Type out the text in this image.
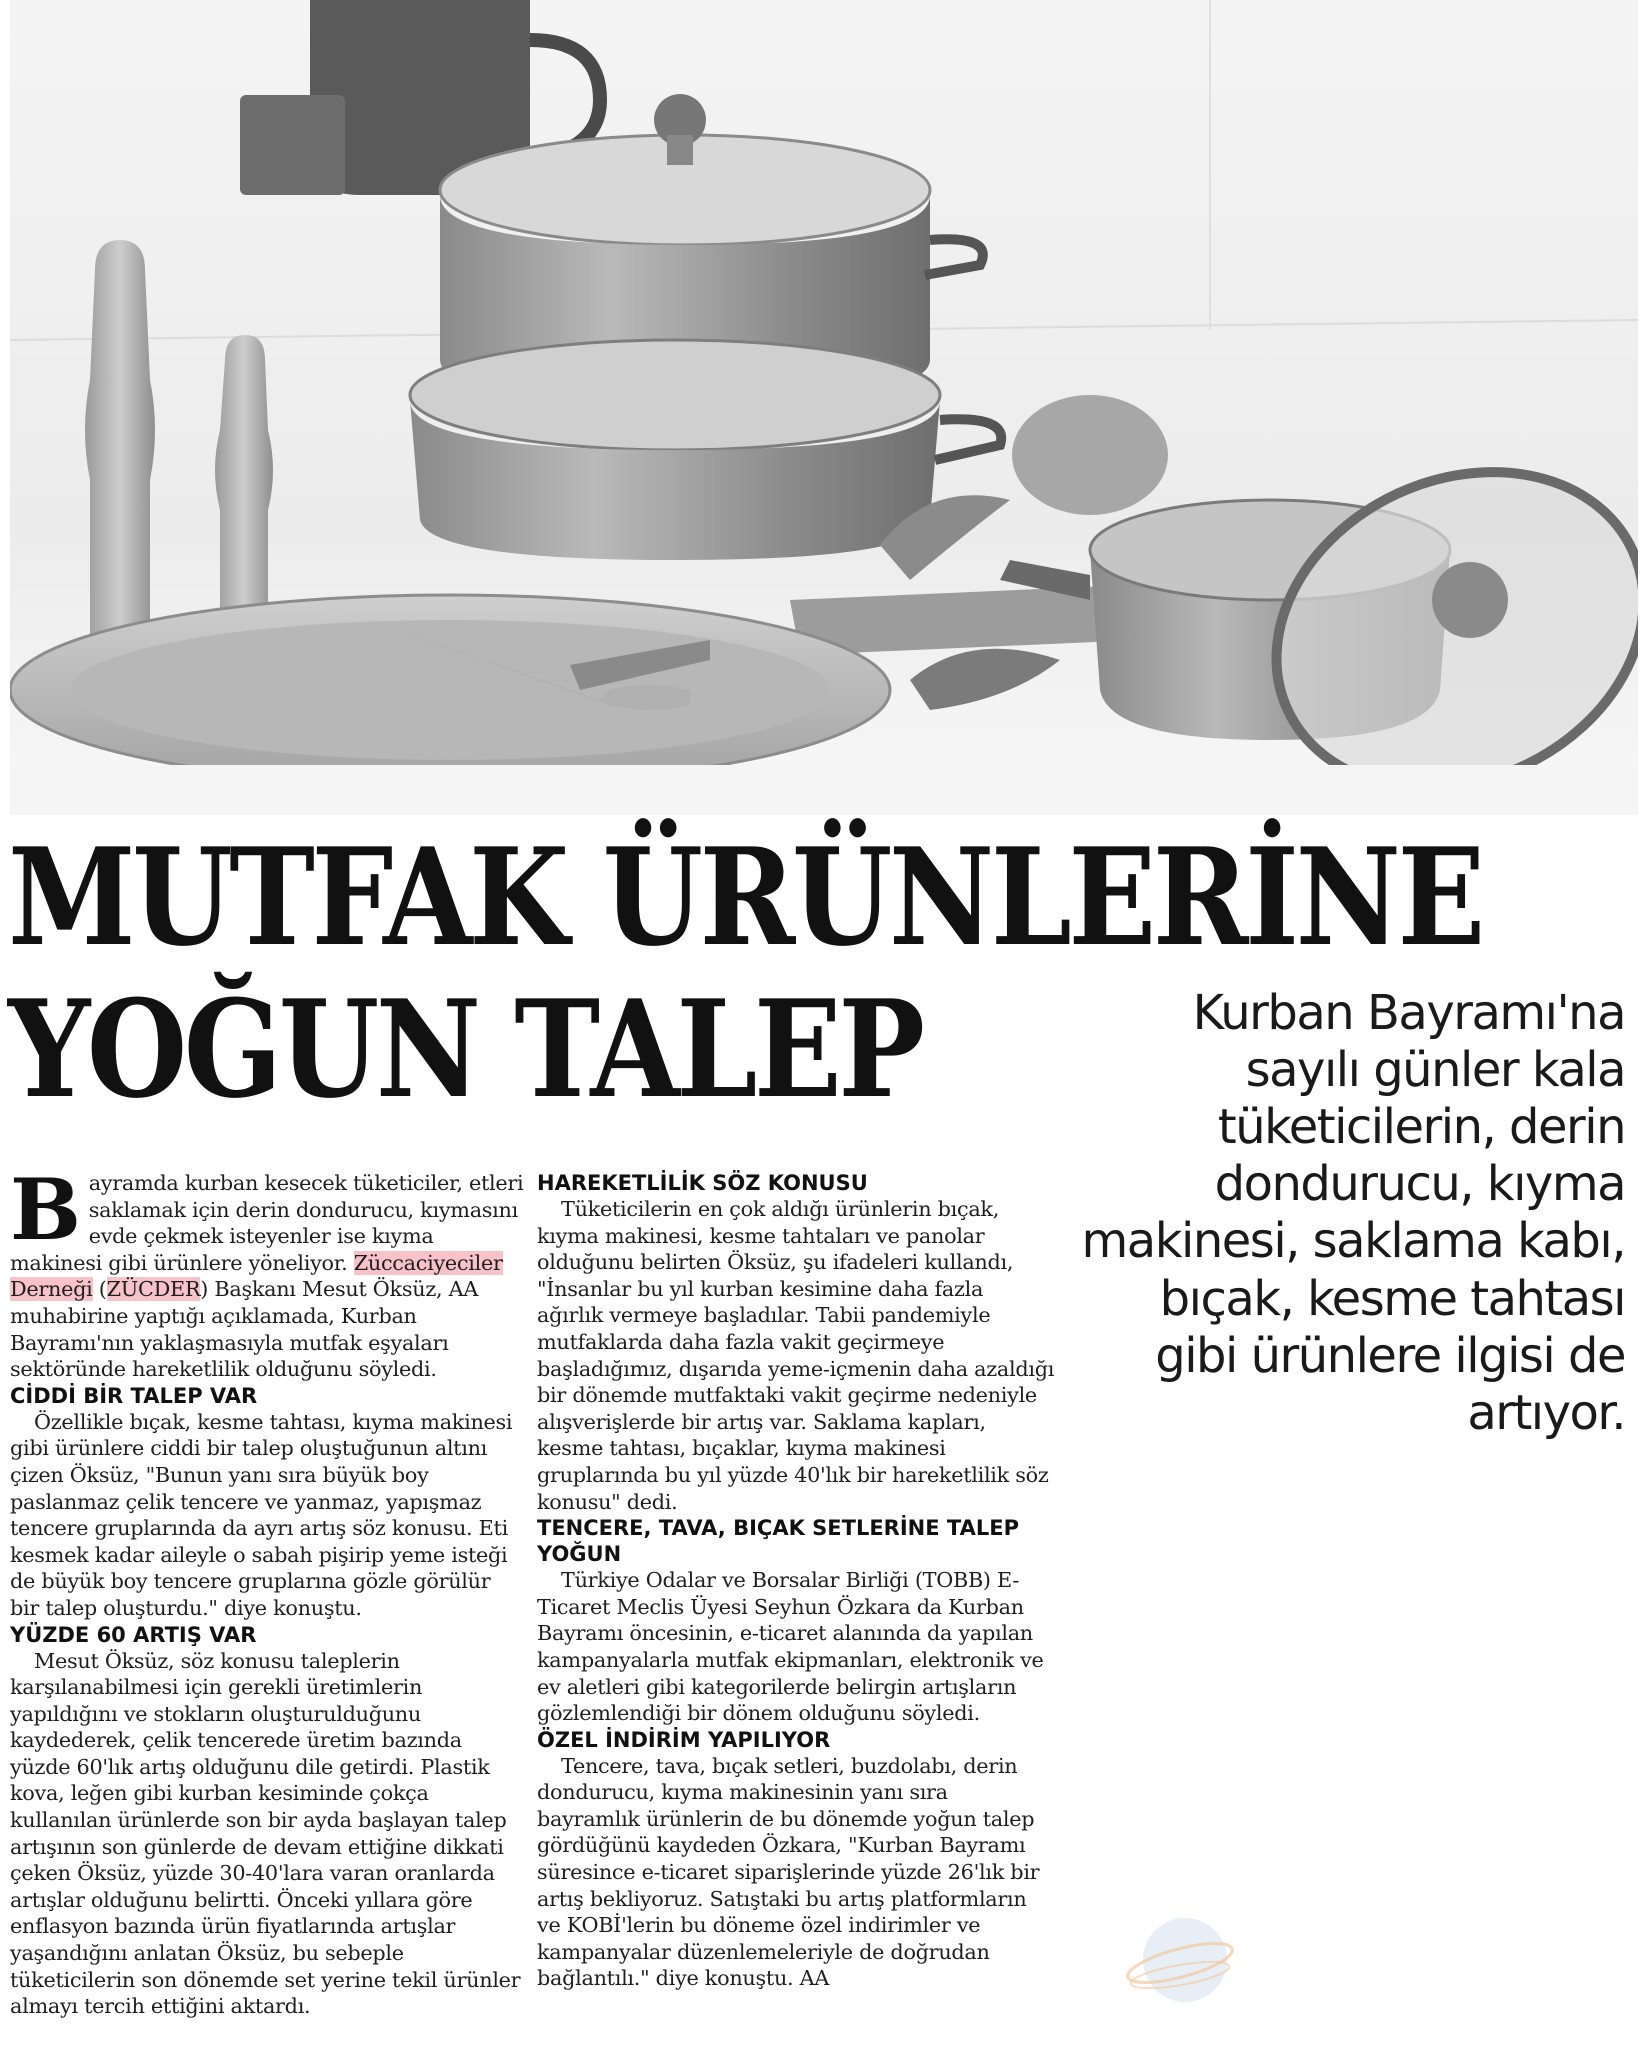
MUTFAK ÜRÜNLERİNE
YOĞUN TALEP	Kurban Bayramı'na sayılı günler kala tüketicilerin, derin dondurucu, kıyma makinesi, saklama kabı, bıçak, kesme tahtası gibi ürünlere ilgisi de artıyor.

Bayramda kurban kesecek tüketiciler, etleri saklamak için derin dondurucu, kıymasını evde çekmek isteyenler ise kıyma makinesi gibi ürünlere yöneliyor. Züccaciyeciler Derneği (ZÜCDER) Başkanı Mesut Öksüz, AA muhabirine yaptığı açıklamada, Kurban Bayramı'nın yaklaşmasıyla mutfak eşyaları sektöründe hareketlilik olduğunu söyledi.

CİDDİ BİR TALEP VAR

Özellikle bıçak, kesme tahtası, kıyma makinesi gibi ürünlere ciddi bir talep oluştuğunun altını çizen Öksüz, "Bunun yanı sıra büyük boy paslanmaz çelik tencere ve yanmaz, yapışmaz tencere gruplarında da ayrı artış söz konusu. Eti kesmek kadar aileyle o sabah pişirip yeme isteği de büyük boy tencere gruplarına gözle görülür bir talep oluşturdu." diye konuştu.

YÜZDE 60 ARTIŞ VAR

Mesut Öksüz, söz konusu taleplerin karşılanabilmesi için gerekli üretimlerin yapıldığını ve stokların oluşturulduğunu kaydederek, çelik tencerede üretim bazında yüzde 60'lık artış olduğunu dile getirdi. Plastik kova, leğen gibi kurban kesiminde çokça kullanılan ürünlerde son bir ayda başlayan talep artışının son günlerde de devam ettiğine dikkati çeken Öksüz, yüzde 30-40'lara varan oranlarda artışlar olduğunu belirtti. Önceki yıllara göre enflasyon bazında ürün fiyatlarında artışlar yaşandığını anlatan Öksüz, bu sebeple tüketicilerin son dönemde set yerine tekil ürünler almayı tercih ettiğini aktardı.

HAREKETLİLİK SÖZ KONUSU

Tüketicilerin en çok aldığı ürünlerin bıçak, kıyma makinesi, kesme tahtaları ve panolar olduğunu belirten Öksüz, şu ifadeleri kullandı, "İnsanlar bu yıl kurban kesimine daha fazla ağırlık vermeye başladılar. Tabii pandemiyle mutfaklarda daha fazla vakit geçirmeye başladığımız, dışarıda yeme-içmenin daha azaldığı bir dönemde mutfaktaki vakit geçirme nedeniyle alışverişlerde bir artış var. Saklama kapları, kesme tahtası, bıçaklar, kıyma makinesi gruplarında bu yıl yüzde 40'lık bir hareketlilik söz konusu" dedi.

TENCERE, TAVA, BIÇAK SETLERİNE TALEP YOĞUN

Türkiye Odalar ve Borsalar Birliği (TOBB) E-Ticaret Meclis Üyesi Seyhun Özkara da Kurban Bayramı öncesinin, e-ticaret alanında da yapılan kampanyalarla mutfak ekipmanları, elektronik ve ev aletleri gibi kategorilerde belirgin artışların gözlemlendiği bir dönem olduğunu söyledi.

ÖZEL İNDİRİM YAPILIYOR

Tencere, tava, bıçak setleri, buzdolabı, derin dondurucu, kıyma makinesinin yanı sıra bayramlık ürünlerin de bu dönemde yoğun talep gördüğünü kaydeden Özkara, "Kurban Bayramı süresince e-ticaret siparişlerinde yüzde 26'lık bir artış bekliyoruz. Satıştaki bu artış platformların ve KOBİ'lerin bu döneme özel indirimler ve kampanyalar düzenlemeleriyle de doğrudan bağlantılı." diye konuştu. AA
